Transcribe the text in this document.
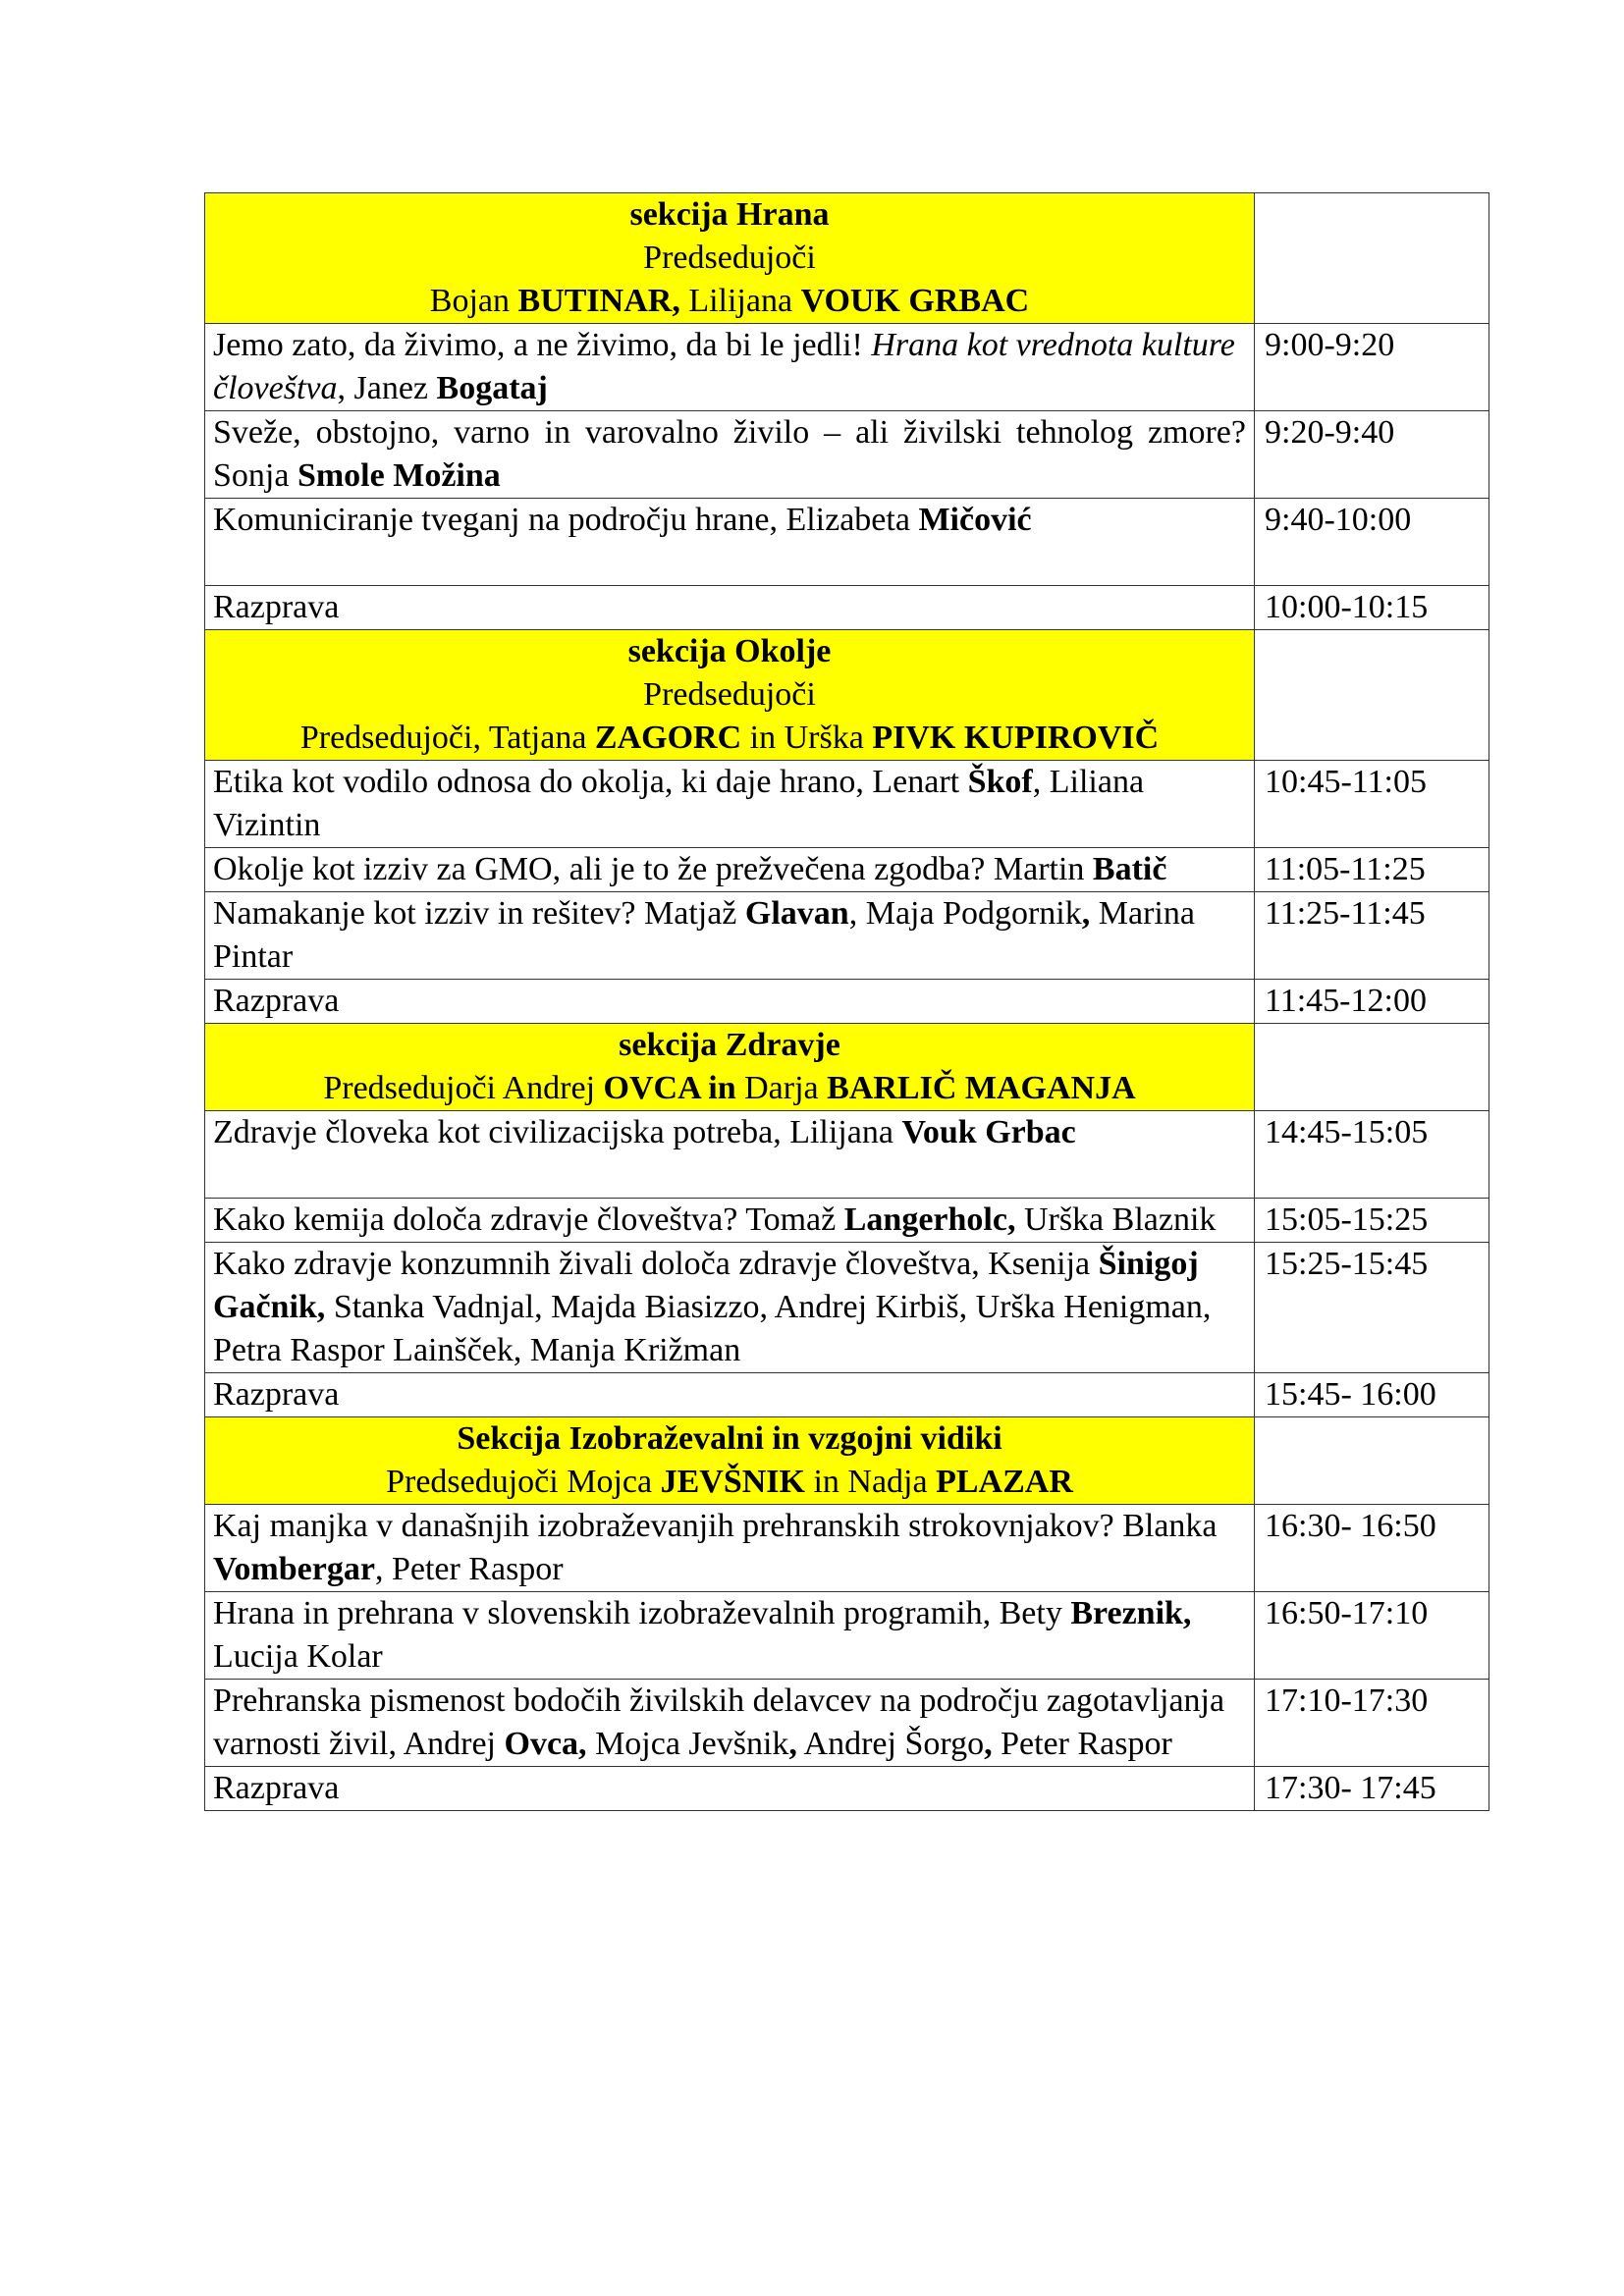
sekcija Hrana
Predsedujoči
Bojan BUTINAR, Lilijana VOUK GRBAC	

Jemo zato, da živimo, a ne živimo, da bi le jedli! Hrana kot vrednota kulture človeštva, Janez Bogataj	9:00-9:20
Sveže, obstojno, varno in varovalno živilo – ali živilski tehnolog zmore? Sonja Smole Možina	9:20-9:40
Komuniciranje tveganj na področju hrane, Elizabeta Mičović	9:40-10:00
Razprava	10:00-10:15

sekcija Okolje
Predsedujoči
Predsedujoči, Tatjana ZAGORC in Urška PIVK KUPIROVIČ	

Etika kot vodilo odnosa do okolja, ki daje hrano, Lenart Škof, Liliana Vizintin	10:45-11:05
Okolje kot izziv za GMO, ali je to že prežvečena zgodba? Martin Batič	11:05-11:25
Namakanje kot izziv in rešitev? Matjaž Glavan, Maja Podgornik, Marina Pintar	11:25-11:45
Razprava	11:45-12:00

sekcija Zdravje
Predsedujoči Andrej OVCA in Darja BARLIČ MAGANJA	

Zdravje človeka kot civilizacijska potreba, Lilijana Vouk Grbac	14:45-15:05
Kako kemija določa zdravje človeštva? Tomaž Langerholc, Urška Blaznik	15:05-15:25
Kako zdravje konzumnih živali določa zdravje človeštva, Ksenija Šinigoj Gačnik, Stanka Vadnjal, Majda Biasizzo, Andrej Kirbiš, Urška Henigman, Petra Raspor Lainšček, Manja Križman	15:25-15:45
Razprava	15:45- 16:00

Sekcija Izobraževalni in vzgojni vidiki
Predsedujoči Mojca JEVŠNIK in Nadja PLAZAR	

Kaj manjka v današnjih izobraževanjih prehranskih strokovnjakov? Blanka Vombergar, Peter Raspor	16:30- 16:50
Hrana in prehrana v slovenskih izobraževalnih programih, Bety Breznik, Lucija Kolar	16:50-17:10
Prehranska pismenost bodočih živilskih delavcev na področju zagotavljanja varnosti živil, Andrej Ovca, Mojca Jevšnik, Andrej Šorgo, Peter Raspor	17:10-17:30
Razprava	17:30- 17:45
